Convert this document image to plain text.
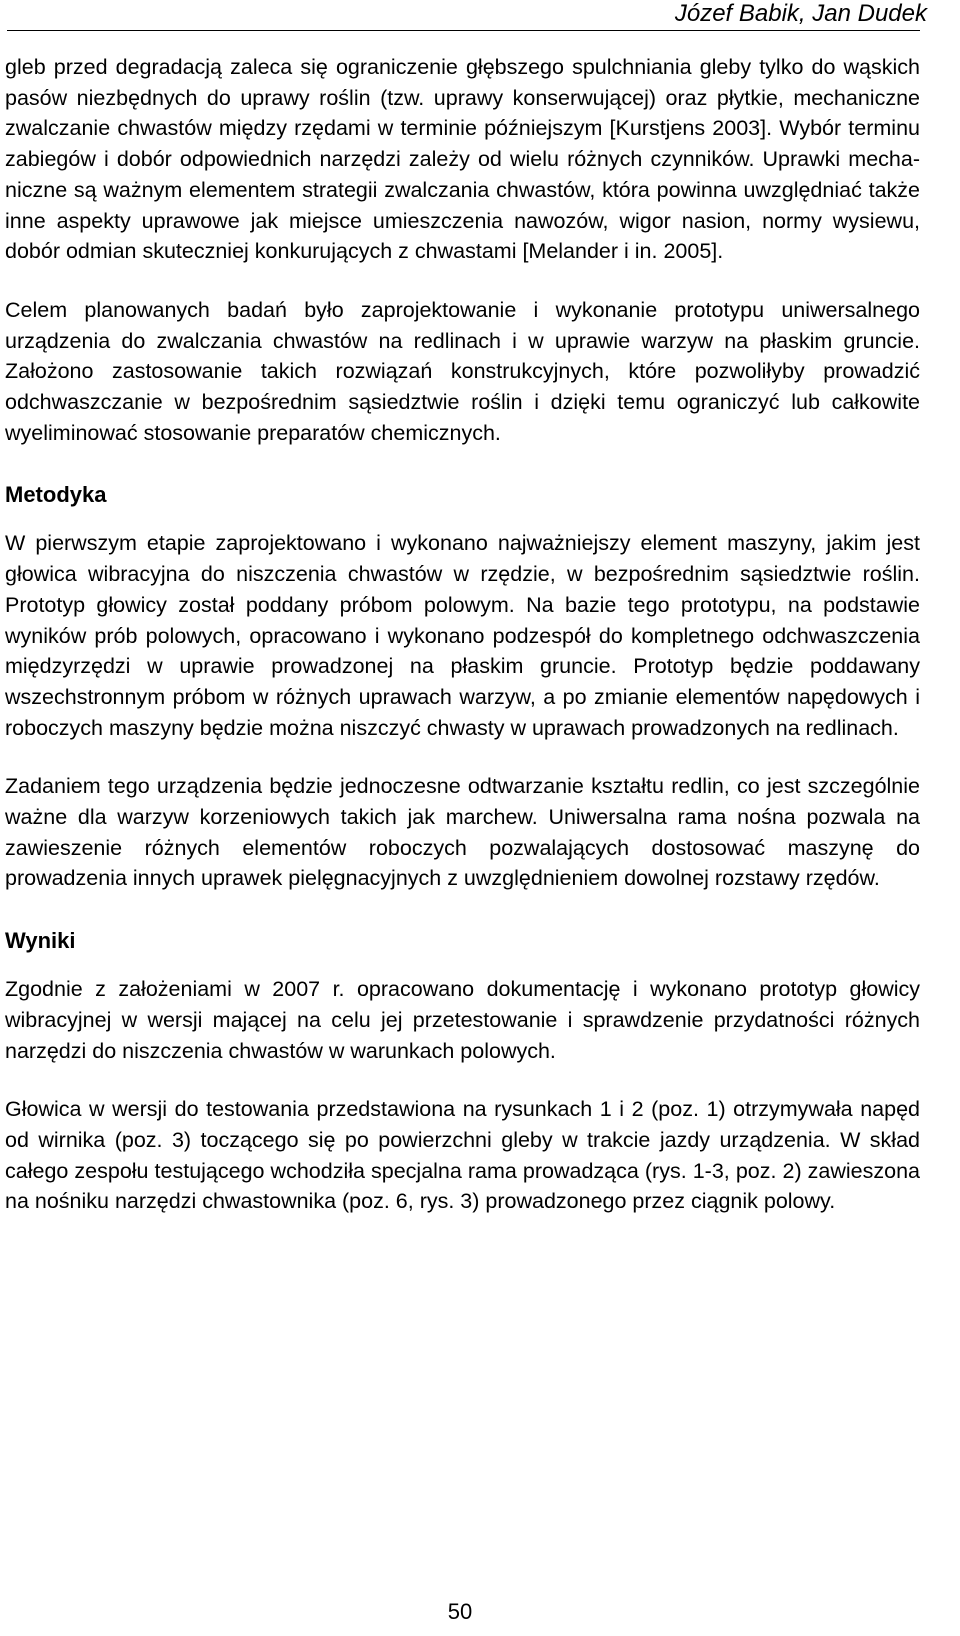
Józef Babik, Jan Dudek

gleb przed degradacją zaleca się ograniczenie głębszego spulchniania gleby tylko do wąskich pasów niezbędnych do uprawy roślin (tzw. uprawy konserwującej) oraz płytkie, mechaniczne zwalczanie chwastów między rzędami w terminie późniejszym [Kurstjens 2003]. Wybór terminu zabiegów i dobór odpowiednich narzędzi zależy od wielu różnych czynników. Uprawki mechaniczne są ważnym elementem strategii zwalczania chwastów, która powinna uwzględniać także inne aspekty uprawowe jak miejsce umieszczenia nawozów, wigor nasion, normy wysiewu, dobór odmian skuteczniej konkurujących z chwastami [Melander i in. 2005].

Celem planowanych badań było zaprojektowanie i wykonanie prototypu uniwersalnego urządzenia do zwalczania chwastów na redlinach i w uprawie warzyw na płaskim gruncie. Założono zastosowanie takich rozwiązań konstrukcyjnych, które pozwoliłyby prowadzić odchwaszczanie w bezpośrednim sąsiedztwie roślin i dzięki temu ograniczyć lub całkowite wyeliminować stosowanie preparatów chemicznych.

Metodyka

W pierwszym etapie zaprojektowano i wykonano najważniejszy element maszyny, jakim jest głowica wibracyjna do niszczenia chwastów w rzędzie, w bezpośrednim sąsiedztwie roślin. Prototyp głowicy został poddany próbom polowym. Na bazie tego prototypu, na podstawie wyników prób polowych, opracowano i wykonano podzespół do kompletnego odchwaszczenia międzyrzędzi w uprawie prowadzonej na płaskim gruncie. Prototyp będzie poddawany wszechstronnym próbom w różnych uprawach warzyw, a po zmianie elementów napędowych i roboczych maszyny będzie można niszczyć chwasty w uprawach prowadzonych na redlinach.

Zadaniem tego urządzenia będzie jednoczesne odtwarzanie kształtu redlin, co jest szczególnie ważne dla warzyw korzeniowych takich jak marchew. Uniwersalna rama nośna pozwala na zawieszenie różnych elementów roboczych pozwalających dostosować maszynę do prowadzenia innych uprawek pielęgnacyjnych z uwzględnieniem dowolnej rozstawy rzędów.

Wyniki

Zgodnie z założeniami w 2007 r. opracowano dokumentację i wykonano prototyp głowicy wibracyjnej w wersji mającej na celu jej przetestowanie i sprawdzenie przydatności różnych narzędzi do niszczenia chwastów w warunkach polowych.

Głowica w wersji do testowania przedstawiona na rysunkach 1 i 2 (poz. 1) otrzymywała napęd od wirnika (poz. 3) toczącego się po powierzchni gleby w trakcie jazdy urządzenia. W skład całego zespołu testującego wchodziła specjalna rama prowadząca (rys. 1-3, poz. 2) zawieszona na nośniku narzędzi chwastownika (poz. 6, rys. 3) prowadzonego przez ciągnik polowy.

50
